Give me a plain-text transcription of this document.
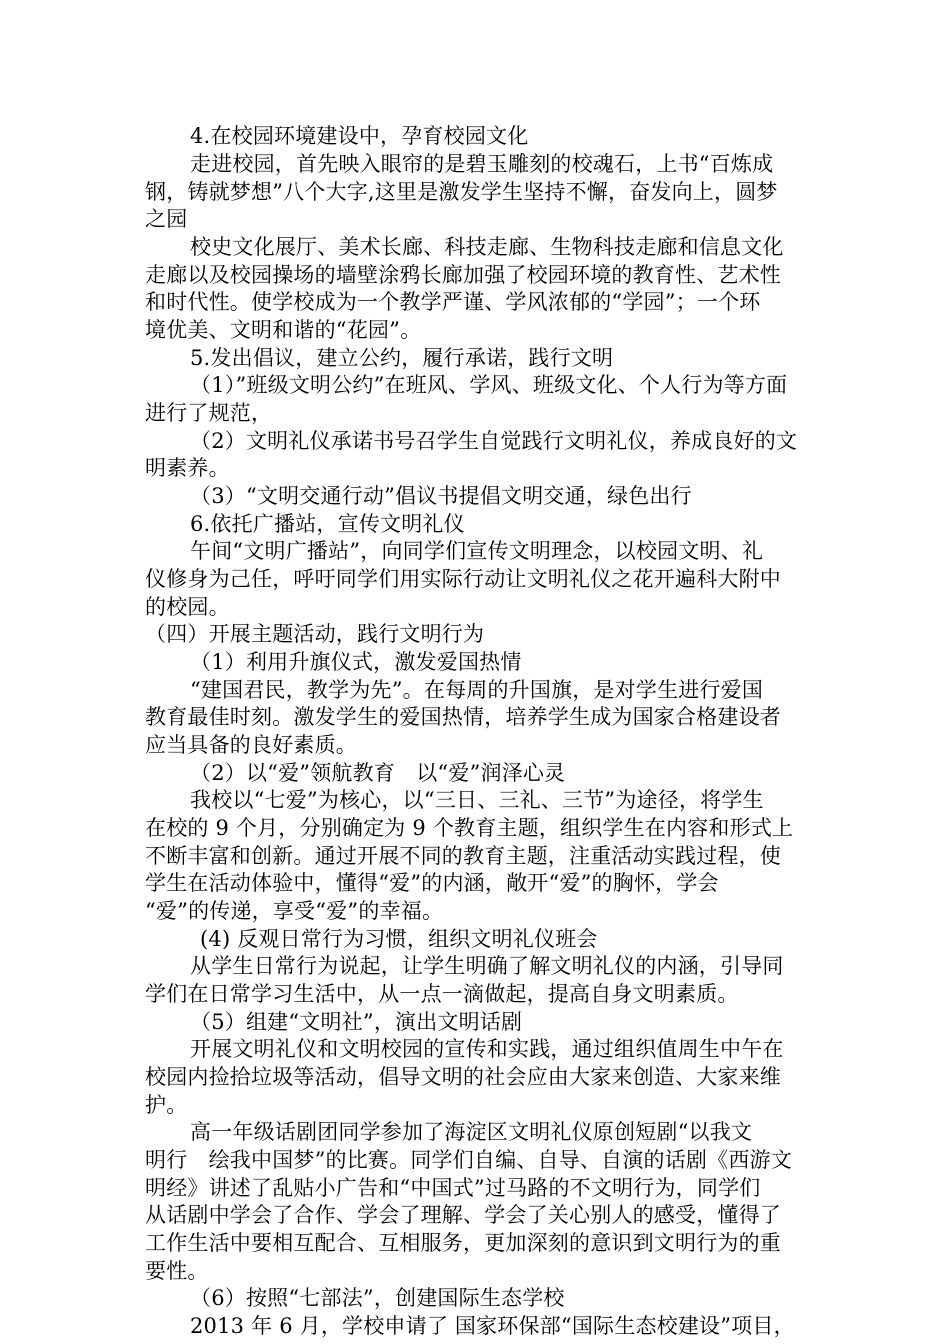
4.在校园环境建设中，孕育校园文化
走进校园，首先映入眼帘的是碧玉雕刻的校魂石，上书“百炼成
钢，铸就梦想”八个大字,这里是激发学生坚持不懈，奋发向上，圆梦
之园
校史文化展厅、美术长廊、科技走廊、生物科技走廊和信息文化
走廊以及校园操场的墙壁涂鸦长廊加强了校园环境的教育性、艺术性
和时代性。使学校成为一个教学严谨、学风浓郁的“学园”；一个环
境优美、文明和谐的“花园”。
5.发出倡议，建立公约，履行承诺，践行文明
（1）”班级文明公约”在班风、学风、班级文化、个人行为等方面
进行了规范，
（2）文明礼仪承诺书号召学生自觉践行文明礼仪，养成良好的文
明素养。
（3）“文明交通行动”倡议书提倡文明交通，绿色出行
6.依托广播站，宣传文明礼仪
午间“文明广播站”，向同学们宣传文明理念，以校园文明、礼
仪修身为己任，呼吁同学们用实际行动让文明礼仪之花开遍科大附中
的校园。
（四）开展主题活动，践行文明行为
（1）利用升旗仪式，激发爱国热情
“建国君民，教学为先”。在每周的升国旗，是对学生进行爱国
教育最佳时刻。激发学生的爱国热情，培养学生成为国家合格建设者
应当具备的良好素质。
（2）以“爱”领航教育　以“爱”润泽心灵
我校以“七爱”为核心，以“三日、三礼、三节”为途径，将学生
在校的 9 个月，分别确定为 9 个教育主题，组织学生在内容和形式上
不断丰富和创新。通过开展不同的教育主题，注重活动实践过程，使
学生在活动体验中，懂得“爱”的内涵，敞开“爱”的胸怀，学会
“爱”的传递，享受“爱”的幸福。
(4) 反观日常行为习惯，组织文明礼仪班会
从学生日常行为说起，让学生明确了解文明礼仪的内涵，引导同
学们在日常学习生活中，从一点一滴做起，提高自身文明素质。
（5）组建“文明社”，演出文明话剧
开展文明礼仪和文明校园的宣传和实践，通过组织值周生中午在
校园内捡拾垃圾等活动，倡导文明的社会应由大家来创造、大家来维
护。
高一年级话剧团同学参加了海淀区文明礼仪原创短剧“以我文
明行　绘我中国梦”的比赛。同学们自编、自导、自演的话剧《西游文
明经》讲述了乱贴小广告和“中国式”过马路的不文明行为，同学们
从话剧中学会了合作、学会了理解、学会了关心别人的感受，懂得了
工作生活中要相互配合、互相服务，更加深刻的意识到文明行为的重
要性。
（6）按照“七部法”，创建国际生态学校
2013 年 6 月，学校申请了 国家环保部“国际生态校建设”项目，
